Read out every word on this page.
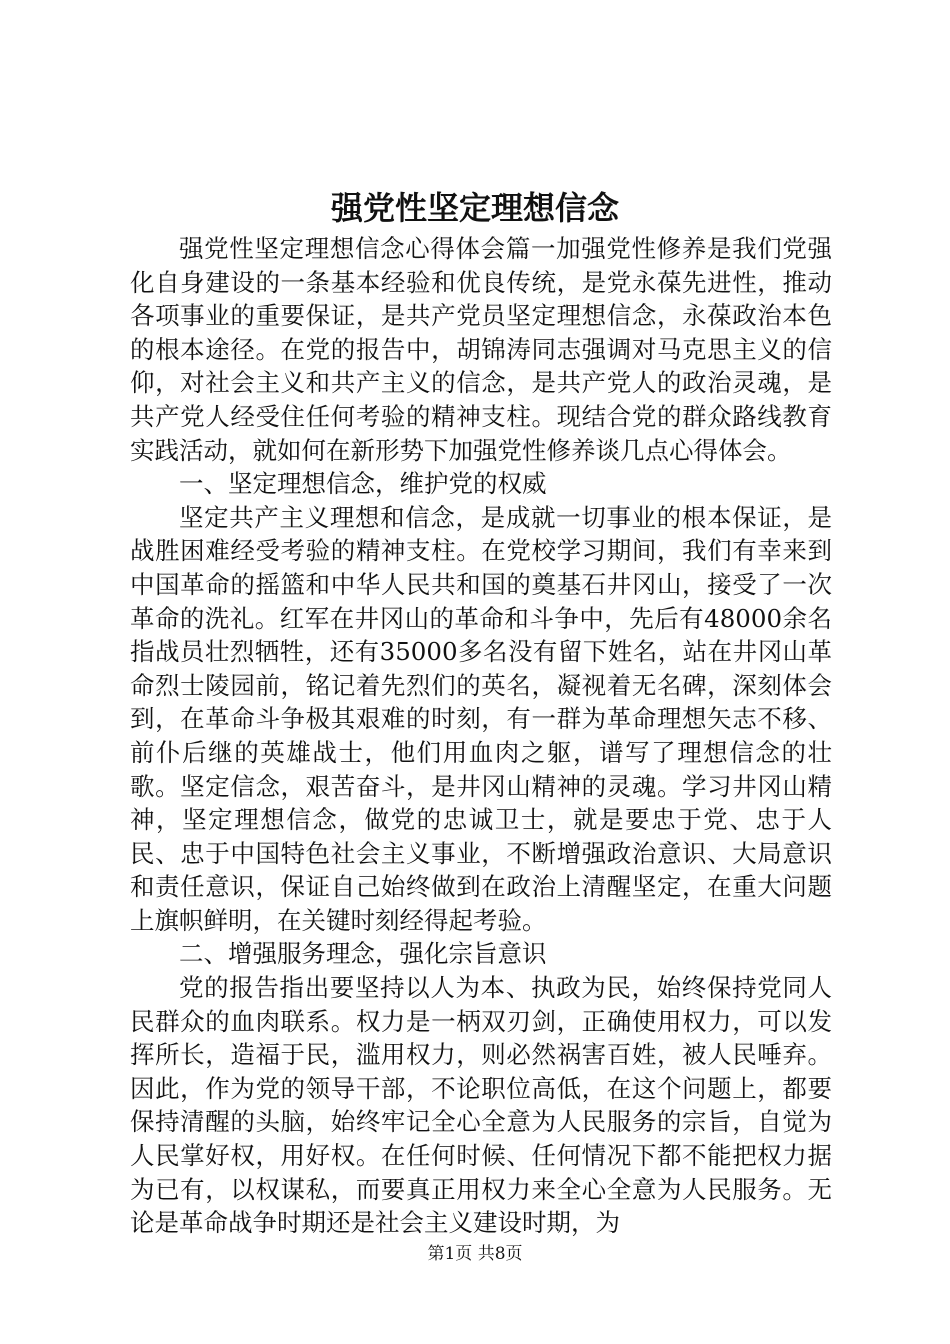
强党性坚定理想信念

强党性坚定理想信念心得体会篇一加强党性修养是我们党强化自身建设的一条基本经验和优良传统，是党永葆先进性，推动各项事业的重要保证，是共产党员坚定理想信念，永葆政治本色的根本途径。在党的报告中，胡锦涛同志强调对马克思主义的信仰，对社会主义和共产主义的信念，是共产党人的政治灵魂，是共产党人经受住任何考验的精神支柱。现结合党的群众路线教育实践活动，就如何在新形势下加强党性修养谈几点心得体会。

一、坚定理想信念，维护党的权威

坚定共产主义理想和信念，是成就一切事业的根本保证，是战胜困难经受考验的精神支柱。在党校学习期间，我们有幸来到中国革命的摇篮和中华人民共和国的奠基石井冈山，接受了一次革命的洗礼。红军在井冈山的革命和斗争中，先后有48000余名指战员壮烈牺牲，还有35000多名没有留下姓名，站在井冈山革命烈士陵园前，铭记着先烈们的英名，凝视着无名碑，深刻体会到，在革命斗争极其艰难的时刻，有一群为革命理想矢志不移、前仆后继的英雄战士，他们用血肉之躯，谱写了理想信念的壮歌。坚定信念，艰苦奋斗，是井冈山精神的灵魂。学习井冈山精神，坚定理想信念，做党的忠诚卫士，就是要忠于党、忠于人民、忠于中国特色社会主义事业，不断增强政治意识、大局意识和责任意识，保证自己始终做到在政治上清醒坚定，在重大问题上旗帜鲜明，在关键时刻经得起考验。

二、增强服务理念，强化宗旨意识

党的报告指出要坚持以人为本、执政为民，始终保持党同人民群众的血肉联系。权力是一柄双刃剑，正确使用权力，可以发挥所长，造福于民，滥用权力，则必然祸害百姓，被人民唾弃。因此，作为党的领导干部，不论职位高低，在这个问题上，都要保持清醒的头脑，始终牢记全心全意为人民服务的宗旨，自觉为人民掌好权，用好权。在任何时候、任何情况下都不能把权力据为已有，以权谋私，而要真正用权力来全心全意为人民服务。无论是革命战争时期还是社会主义建设时期，为

第1页 共8页
